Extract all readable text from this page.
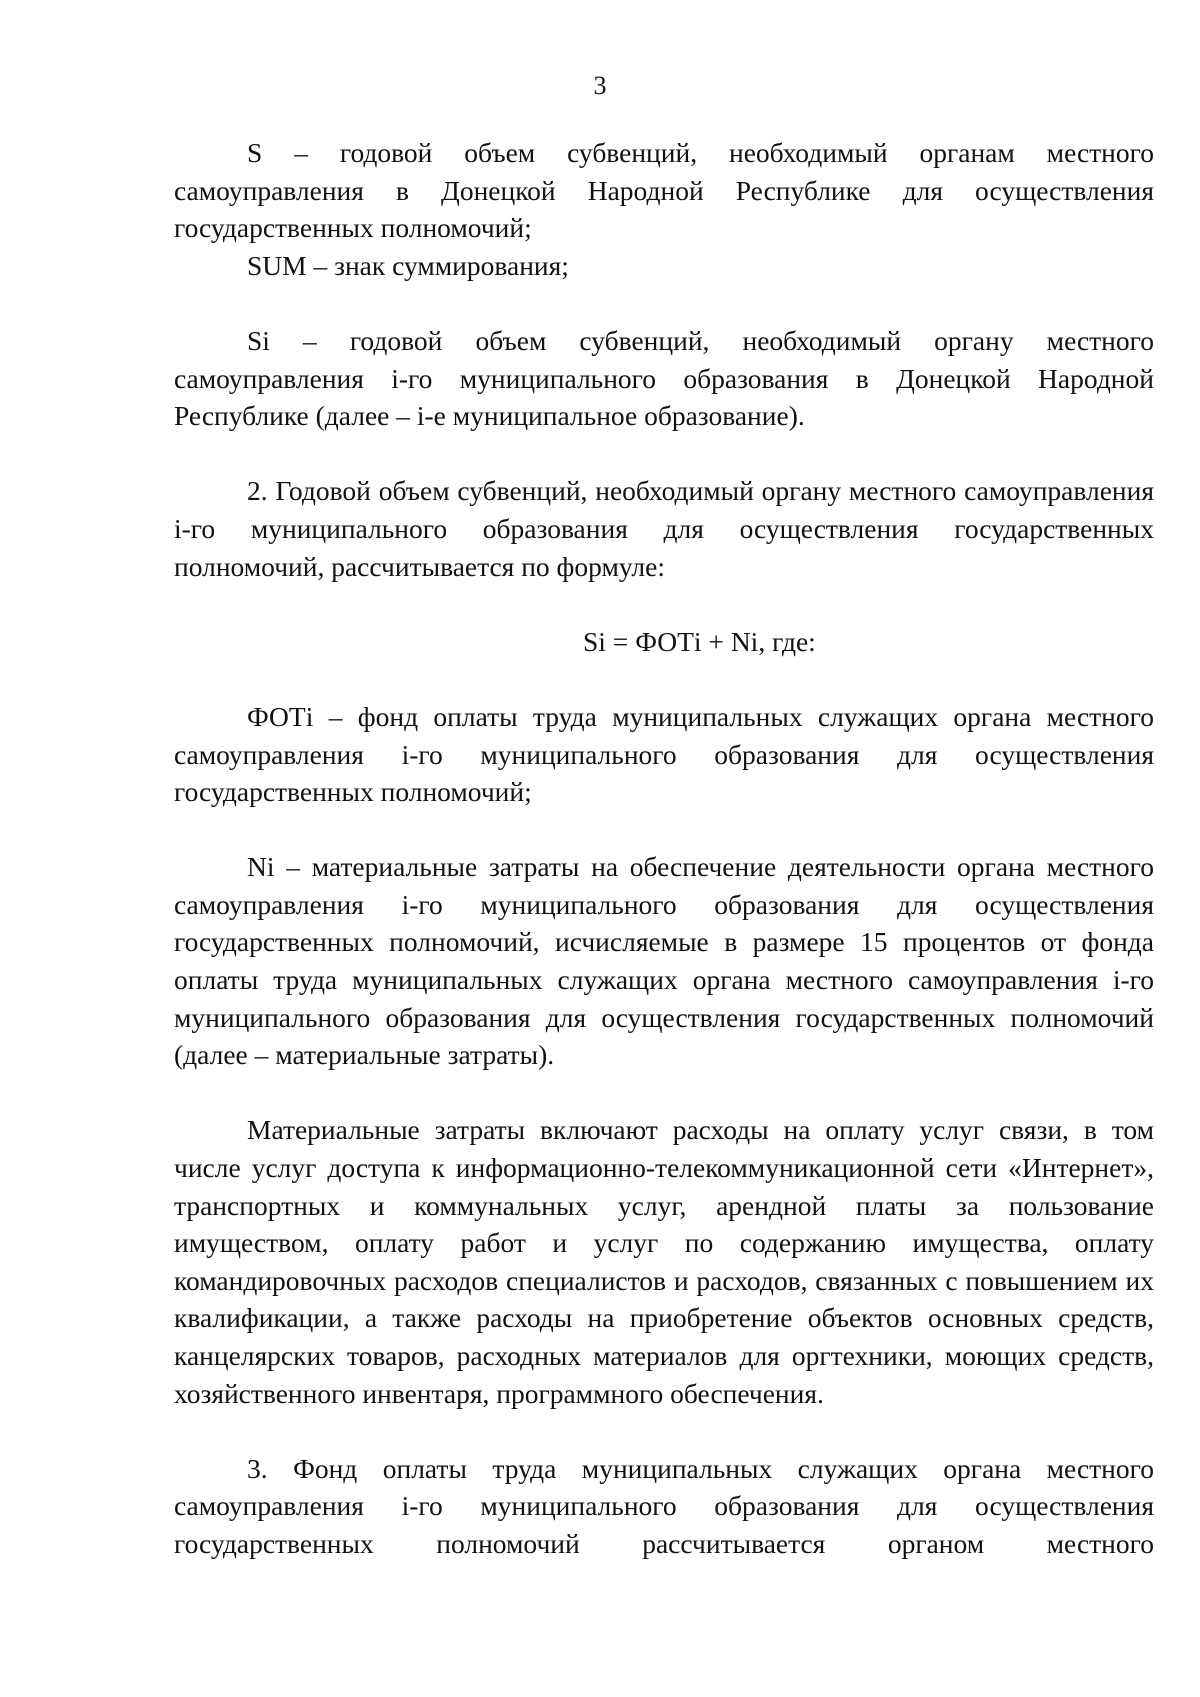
3

S – годовой объем субвенций, необходимый органам местного самоуправления в Донецкой Народной Республике для осуществления государственных полномочий;

SUM – знак суммирования;

Si – годовой объем субвенций, необходимый органу местного самоуправления i-го муниципального образования в Донецкой Народной Республике (далее – i-е муниципальное образование).

2. Годовой объем субвенций, необходимый органу местного самоуправления i-го муниципального образования для осуществления государственных полномочий, рассчитывается по формуле:

Si = ФОТi + Ni, где:

ФОТi – фонд оплаты труда муниципальных служащих органа местного самоуправления i-го муниципального образования для осуществления государственных полномочий;

Ni – материальные затраты на обеспечение деятельности органа местного самоуправления i-го муниципального образования для осуществления государственных полномочий, исчисляемые в размере 15 процентов от фонда оплаты труда муниципальных служащих органа местного самоуправления i-го муниципального образования для осуществления государственных полномочий (далее – материальные затраты).

Материальные затраты включают расходы на оплату услуг связи, в том числе услуг доступа к информационно-телекоммуникационной сети «Интернет», транспортных и коммунальных услуг, арендной платы за пользование имуществом, оплату работ и услуг по содержанию имущества, оплату командировочных расходов специалистов и расходов, связанных с повышением их квалификации, а также расходы на приобретение объектов основных средств, канцелярских товаров, расходных материалов для оргтехники, моющих средств, хозяйственного инвентаря, программного обеспечения.

3. Фонд оплаты труда муниципальных служащих органа местного самоуправления i-го муниципального образования для осуществления государственных полномочий рассчитывается органом местного
